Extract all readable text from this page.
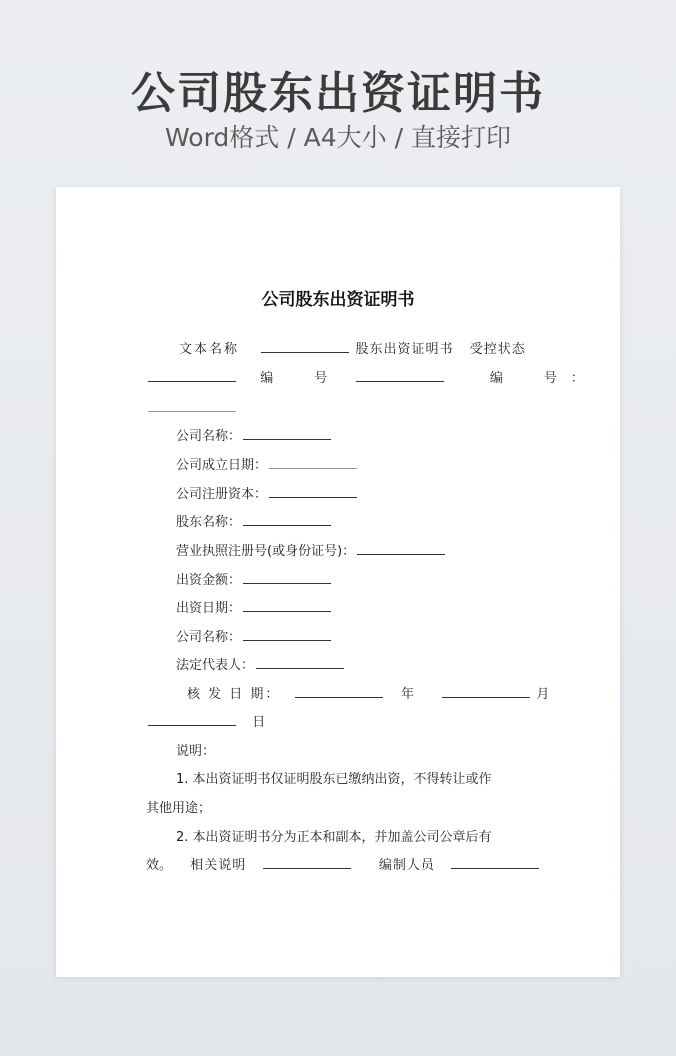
公司股东出资证明书
Word格式 / A4大小 / 直接打印
公司股东出资证明书
文本名称	股东出资证明书 受控状态
编　号	编　号：
公司名称：
公司成立日期：
公司注册资本：
股东名称：
营业执照注册号(或身份证号)：
出资金额：
出资日期：
公司名称：
法定代表人：
核 发 日 期：	年	月
日
说明：
1. 本出资证明书仅证明股东已缴纳出资，不得转让或作
其他用途；
2. 本出资证明书分为正本和副本，并加盖公司公章后有
效。 相关说明	编制人员
